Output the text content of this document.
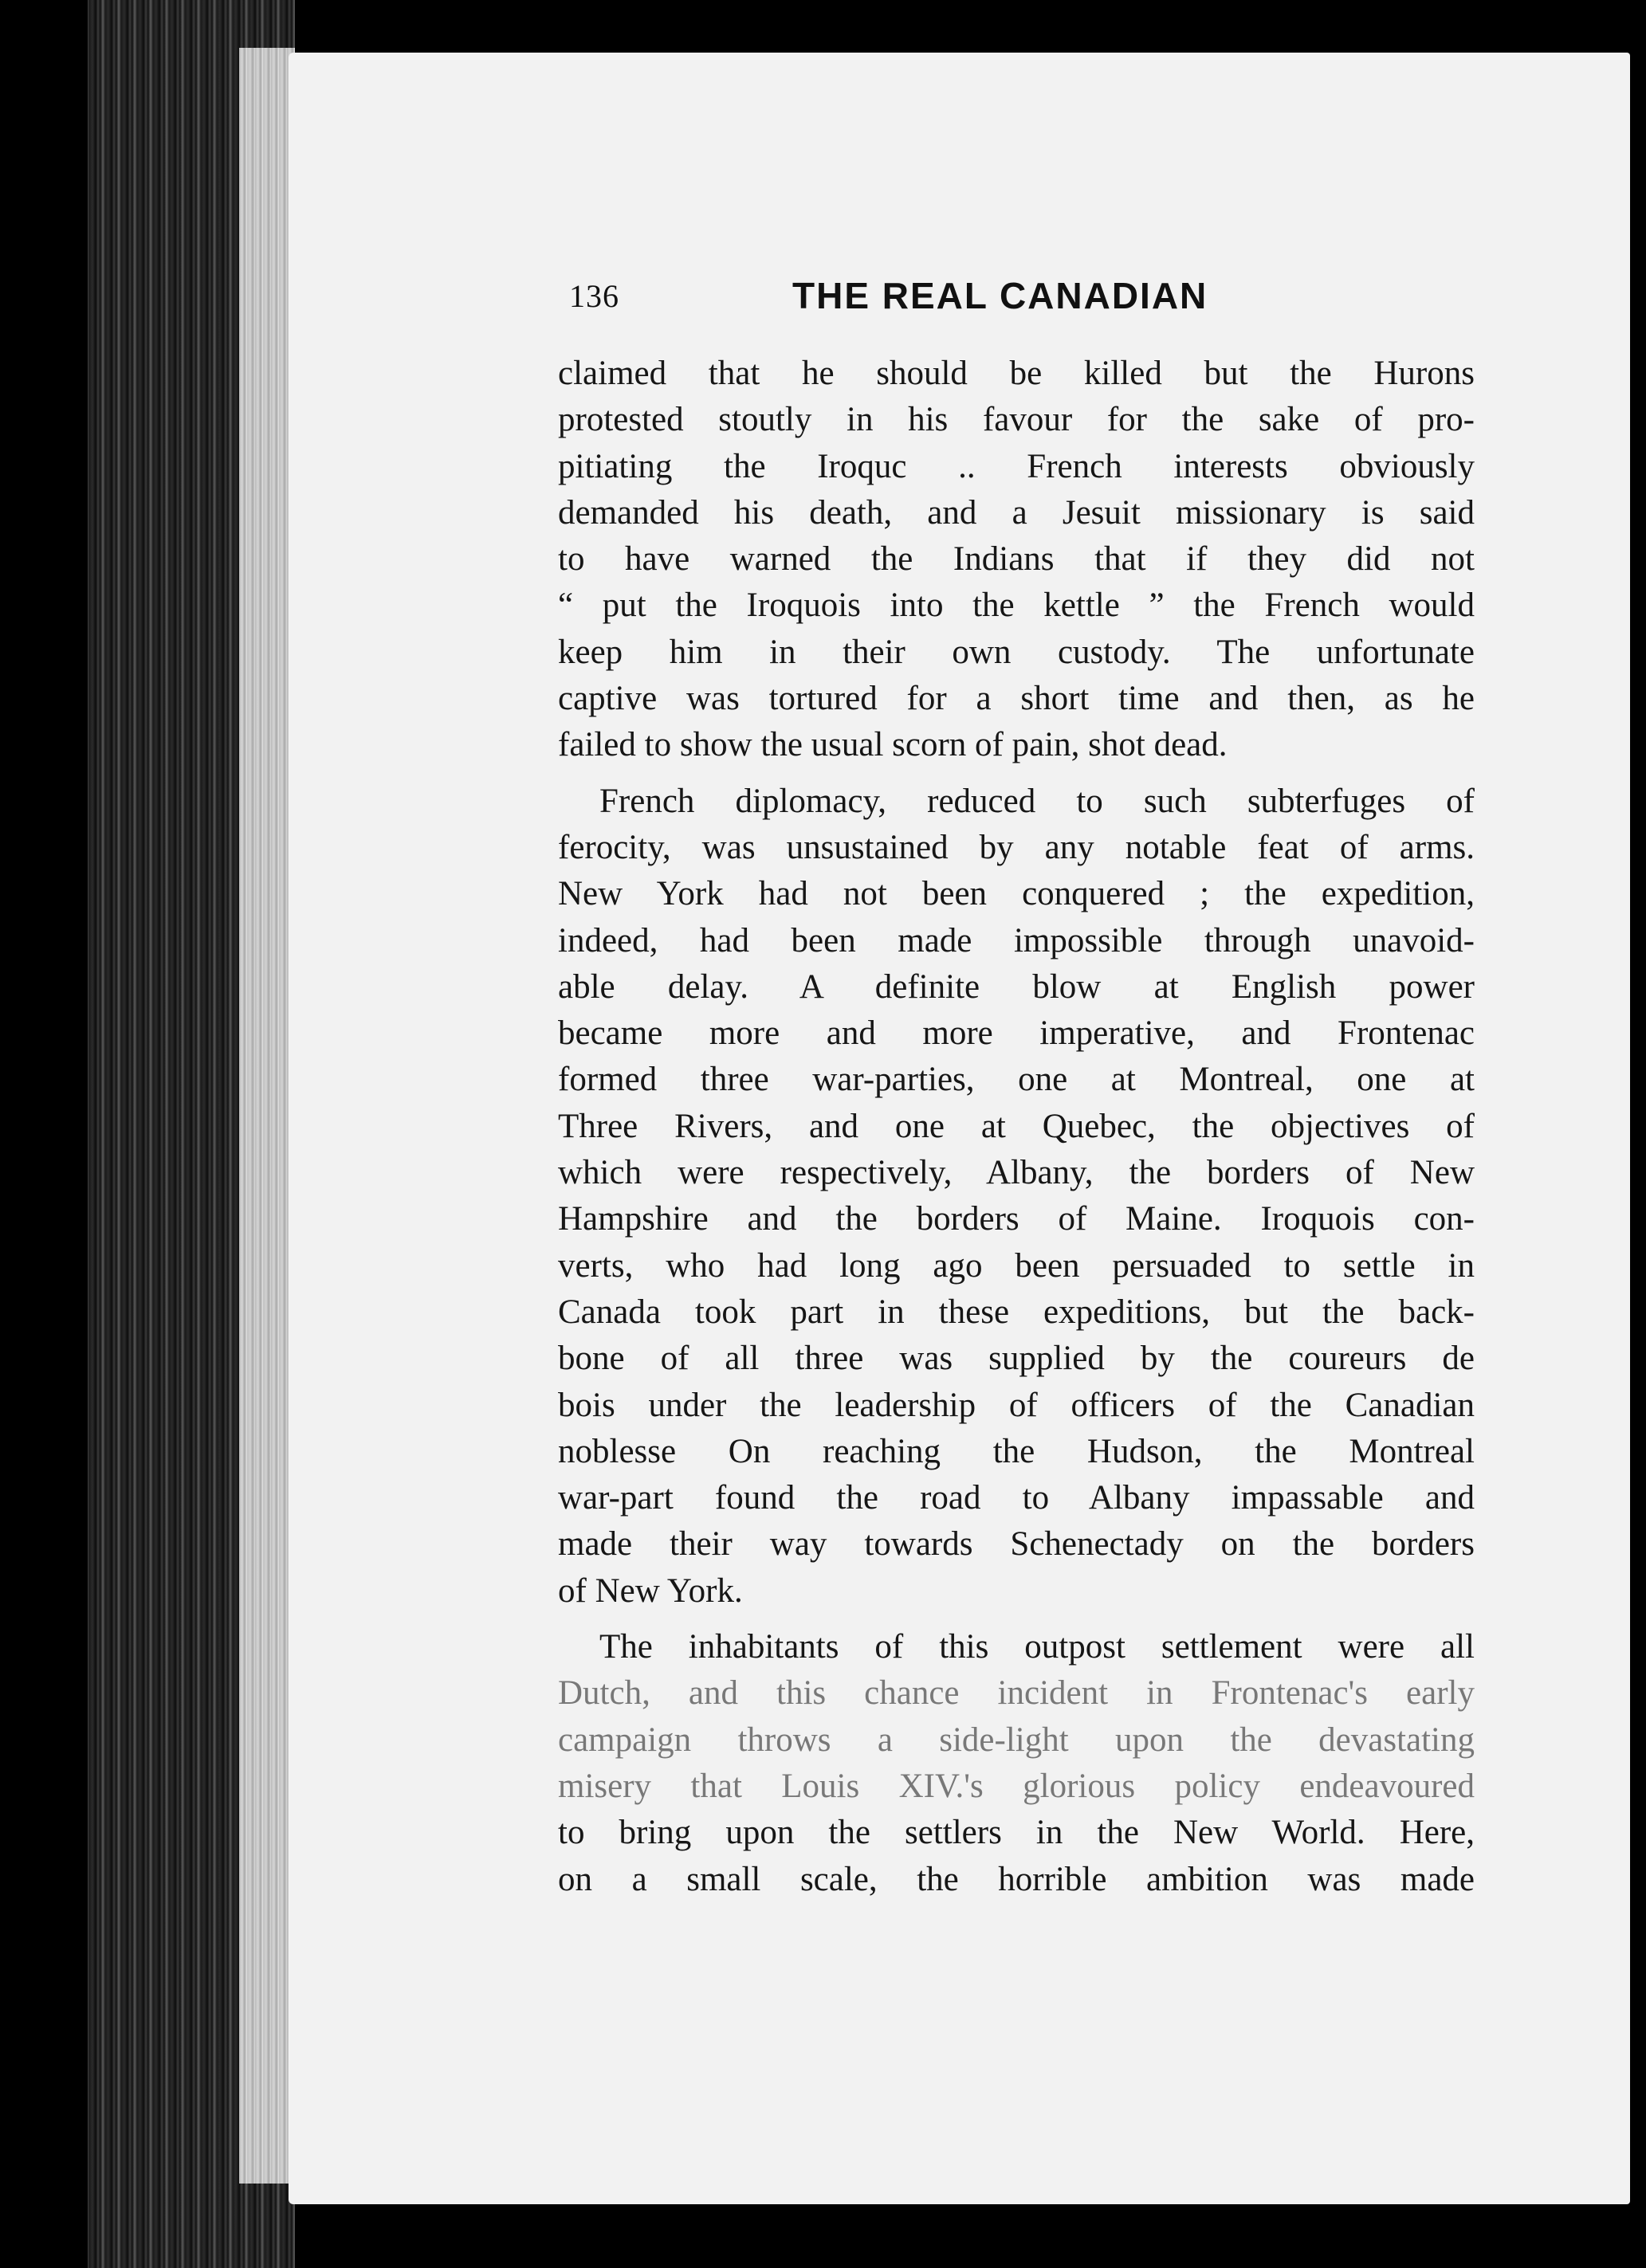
136	THE REAL CANADIAN

claimed that he should be killed but the Hurons
protested stoutly in his favour for the sake of pro-
pitiating the Iroquc .. French interests obviously
demanded his death, and a Jesuit missionary is said
to have warned the Indians that if they did not
“ put the Iroquois into the kettle ” the French would
keep him in their own custody. The unfortunate
captive was tortured for a short time and then, as he
failed to show the usual scorn of pain, shot dead.

French diplomacy, reduced to such subterfuges of
ferocity, was unsustained by any notable feat of arms.
New York had not been conquered ; the expedition,
indeed, had been made impossible through unavoid-
able delay. A definite blow at English power
became more and more imperative, and Frontenac
formed three war-parties, one at Montreal, one at
Three Rivers, and one at Quebec, the objectives of
which were respectively, Albany, the borders of New
Hampshire and the borders of Maine. Iroquois con-
verts, who had long ago been persuaded to settle in
Canada took part in these expeditions, but the back-
bone of all three was supplied by the coureurs de
bois under the leadership of officers of the Canadian
noblesse On reaching the Hudson, the Montreal
war-part found the road to Albany impassable and
made their way towards Schenectady on the borders
of New York.

The inhabitants of this outpost settlement were all
Dutch, and this chance incident in Frontenac's early
campaign throws a side-light upon the devastating
misery that Louis XIV.'s glorious policy endeavoured
to bring upon the settlers in the New World. Here,
on a small scale, the horrible ambition was made
